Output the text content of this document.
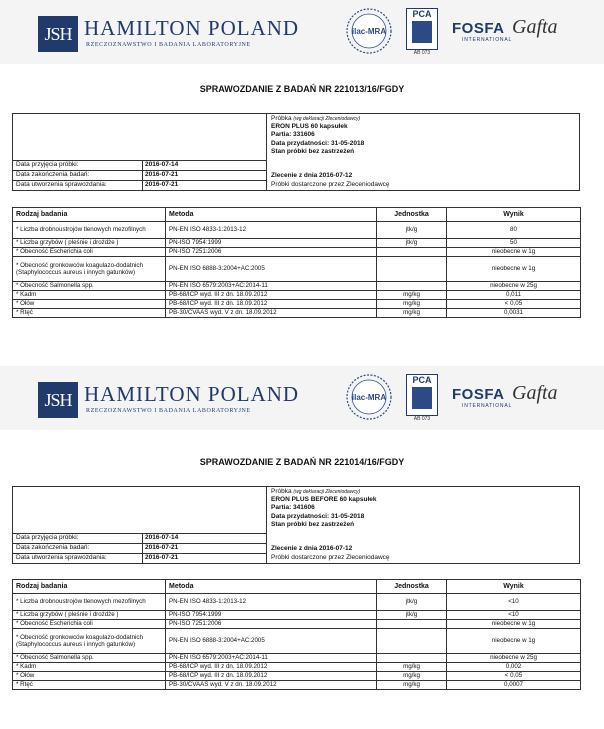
JSH HAMILTON POLAND
RZECZOZNAWSTWO I BADANIA LABORATORYJNE
ilac-MRA
PCA
AB 073
FOSFA
INTERNATIONAL
Gafta
SPRAWOZDANIE Z BADAŃ NR 221013/16/FGDY
Data przyjęcia próbki:	2016-07-14
Data zakończenia badań:	2016-07-21
Data utworzenia sprawozdania:	2016-07-21
Próbka (wg deklaracji Zleceniodawcy)
ERON PLUS 60 kapsułek
Partia: 331606
Data przydatności: 31-05-2018
Stan próbki bez zastrzeżeń
Zlecenie z dnia 2016-07-12
Próbki dostarczone przez Zleceniodawcę
Rodzaj badania	Metoda	Jednostka	Wynik
* Liczba drobnoustrojów tlenowych mezofilnych	PN-EN ISO 4833-1:2013-12	jtk/g	80
* Liczba grzybów ( pleśnie i drożdże )	PN-ISO 7954:1999	jtk/g	50
* Obecność Escherichia coli	PN-ISO 7251:2006		nieobecne w 1g
* Obecność gronkowców koagulazo-dodatnich (Staphylococcus aureus i innych gatunków)	PN-EN ISO 6888-3:2004+AC:2005		nieobecne w 1g
* Obecność Salmonella spp.	PN-EN ISO 6579:2003+AC:2014-11		nieobecne w 25g
* Kadm	PB-68/ICP wyd. III z dn. 18.09.2012	mg/kg	0,011
* Ołów	PB-68/ICP wyd. III z dn. 18.09.2012	mg/kg	< 0,05
* Rtęć	PB-30/CVAAS wyd. V z dn. 18.09.2012	mg/kg	0,0031
JSH HAMILTON POLAND
RZECZOZNAWSTWO I BADANIA LABORATORYJNE
ilac-MRA
PCA
AB 073
FOSFA
INTERNATIONAL
Gafta
SPRAWOZDANIE Z BADAŃ NR 221014/16/FGDY
Data przyjęcia próbki:	2016-07-14
Data zakończenia badań:	2016-07-21
Data utworzenia sprawozdania:	2016-07-21
Próbka (wg deklaracji Zleceniodawcy)
ERON PLUS BEFORE 60 kapsułek
Partia: 341606
Data przydatności: 31-05-2018
Stan próbki bez zastrzeżeń
Zlecenie z dnia 2016-07-12
Próbki dostarczone przez Zleceniodawcę
Rodzaj badania	Metoda	Jednostka	Wynik
* Liczba drobnoustrojów tlenowych mezofilnych	PN-EN ISO 4833-1:2013-12	jtk/g	<10
* Liczba grzybów ( pleśnie i drożdże )	PN-ISO 7954:1999	jtk/g	<10
* Obecność Escherichia coli	PN-ISO 7251:2006		nieobecne w 1g
* Obecność gronkowców koagulazo-dodatnich (Staphylococcus aureus i innych gatunków)	PN-EN ISO 6888-3:2004+AC:2005		nieobecne w 1g
* Obecność Salmonella spp.	PN-EN ISO 6579:2003+AC:2014-11		nieobecne w 25g
* Kadm	PB-68/ICP wyd. III z dn. 18.09.2012	mg/kg	0,002
* Ołów	PB-68/ICP wyd. III z dn. 18.09.2012	mg/kg	< 0,05
* Rtęć	PB-30/CVAAS wyd. V z dn. 18.09.2012	mg/kg	0,0007
